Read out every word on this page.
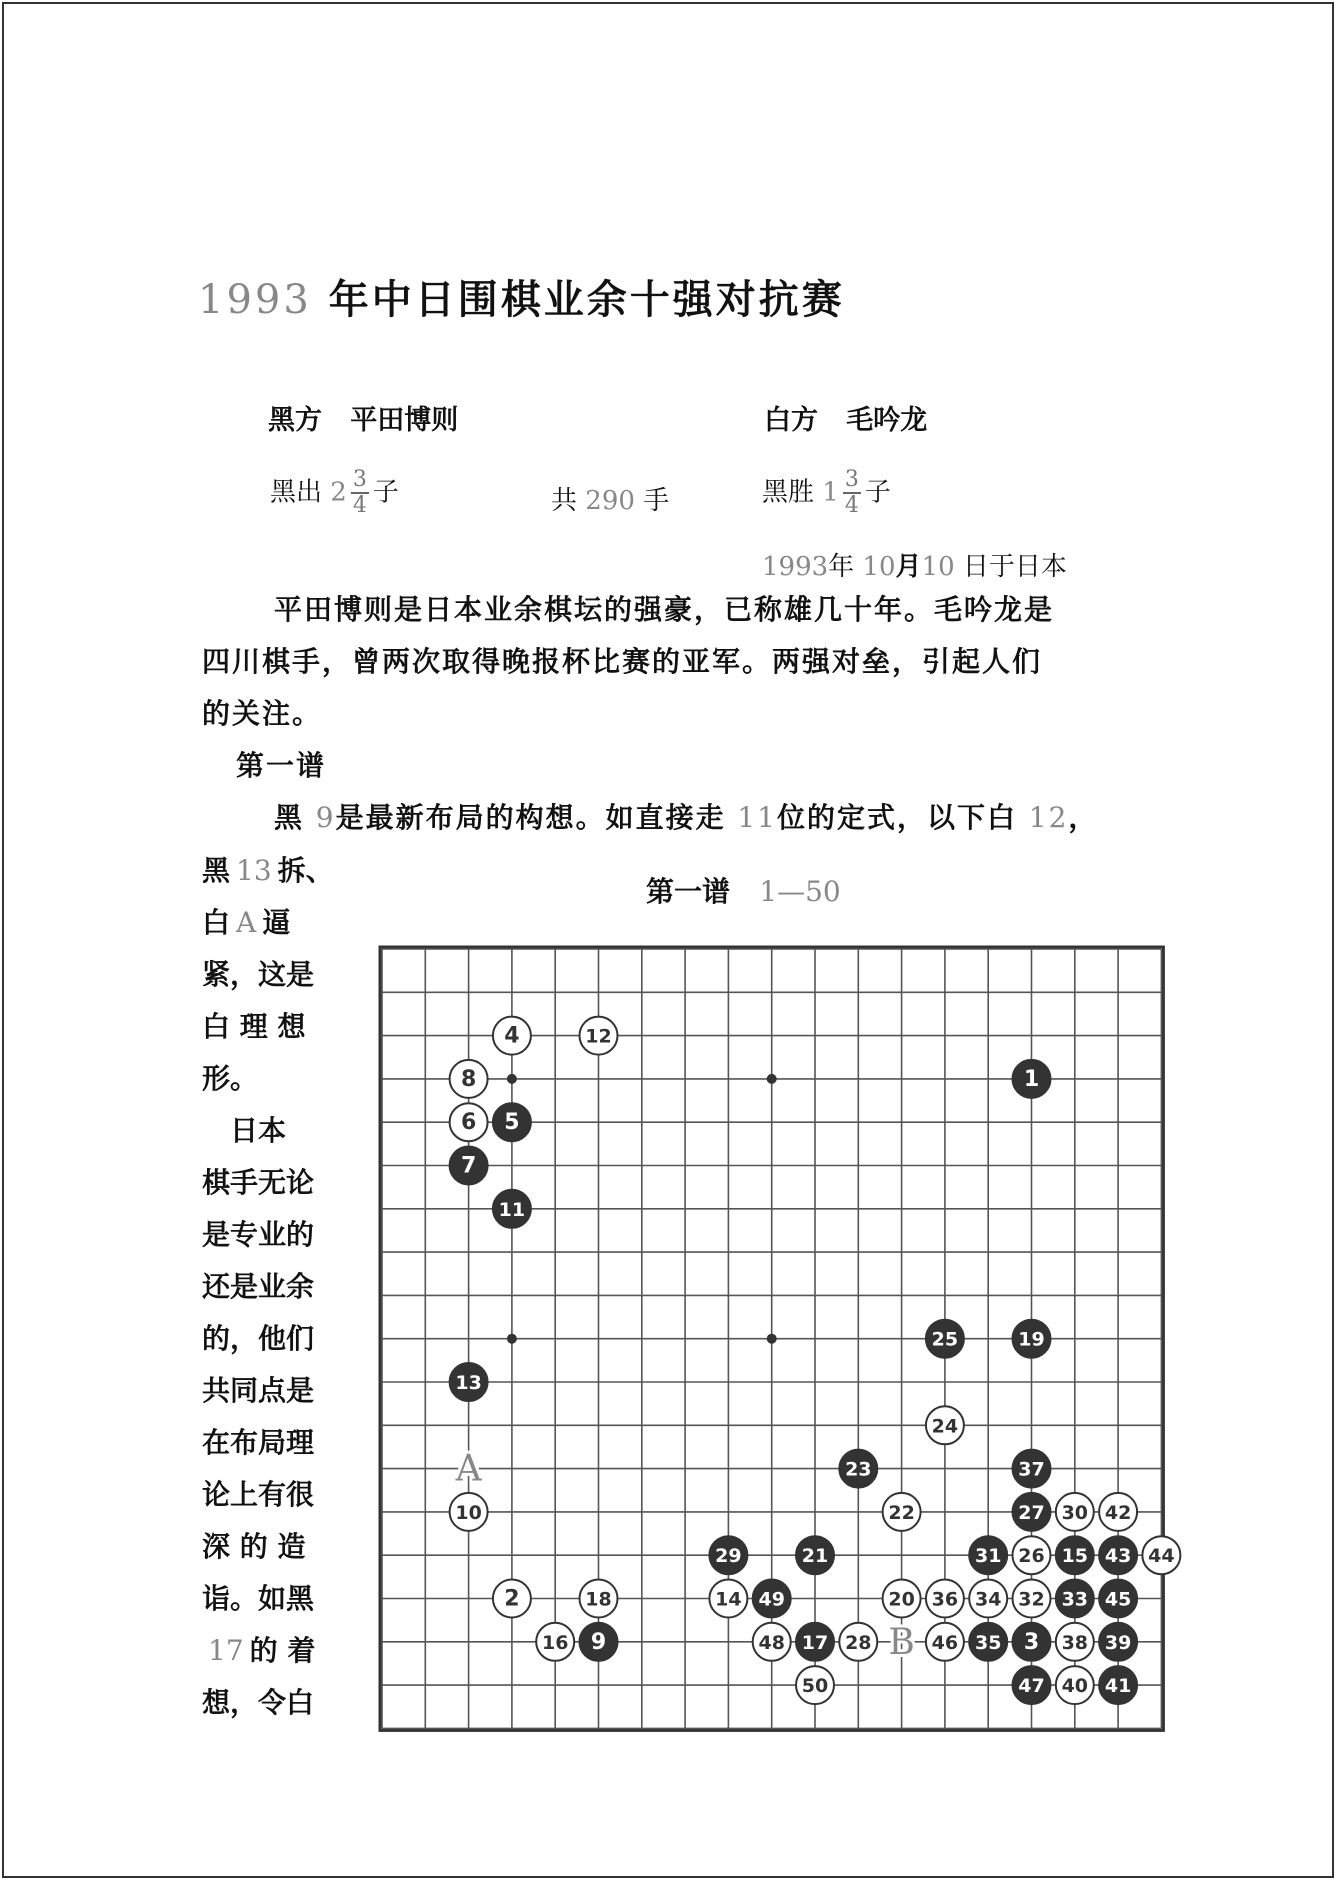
1993 年中日围棋业余十强对抗赛
黑方 平田博则	白方 毛吟龙
黑出 $2 \frac{3}{4}$ 子	共 290 手	黑胜 $1 \frac{3}{4}$ 子
1993年 10月10 日于日本
平田博则是日本业余棋坛的强豪，已称雄几十年。毛吟龙是
四川棋手，曾两次取得晚报杯比赛的亚军。两强对垒，引起人们
的关注。
第一谱
黑 9是最新布局的构想。如直接走 11位的定式，以下白 12，
黑 13 拆、
白 A 逼
紧，这是
白 理 想
形。
　日本
棋手无论
是专业的
还是业余
的，他们
共同点是
在布局理
论上有很
深 的 造
诣。如黑
17 的 着
想，令白
第一谱 1—50
A
B
1
2
3
4
5
6
7
8
9
10
11
12
13
14
15
16	17
18
19
20
21
22
23
24
25
26
27
28
29
30
31
32 33
34
35
36
37
38 39
40 41
42
43 44
45
46
47
48
49
50
